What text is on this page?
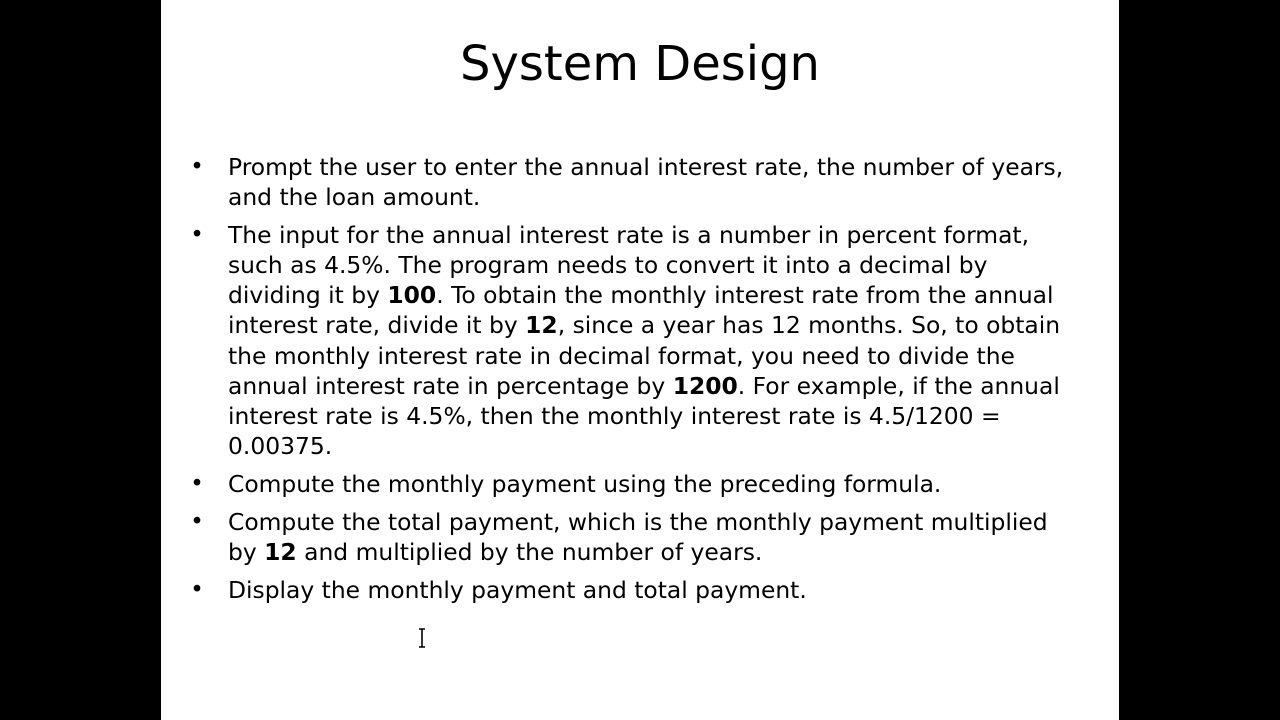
System Design
• Prompt the user to enter the annual interest rate, the number of years, and the loan amount.
• The input for the annual interest rate is a number in percent format, such as 4.5%. The program needs to convert it into a decimal by dividing it by 100. To obtain the monthly interest rate from the annual interest rate, divide it by 12, since a year has 12 months. So, to obtain the monthly interest rate in decimal format, you need to divide the annual interest rate in percentage by 1200. For example, if the annual interest rate is 4.5%, then the monthly interest rate is 4.5/1200 = 0.00375.
• Compute the monthly payment using the preceding formula.
• Compute the total payment, which is the monthly payment multiplied by 12 and multiplied by the number of years.
• Display the monthly payment and total payment.
